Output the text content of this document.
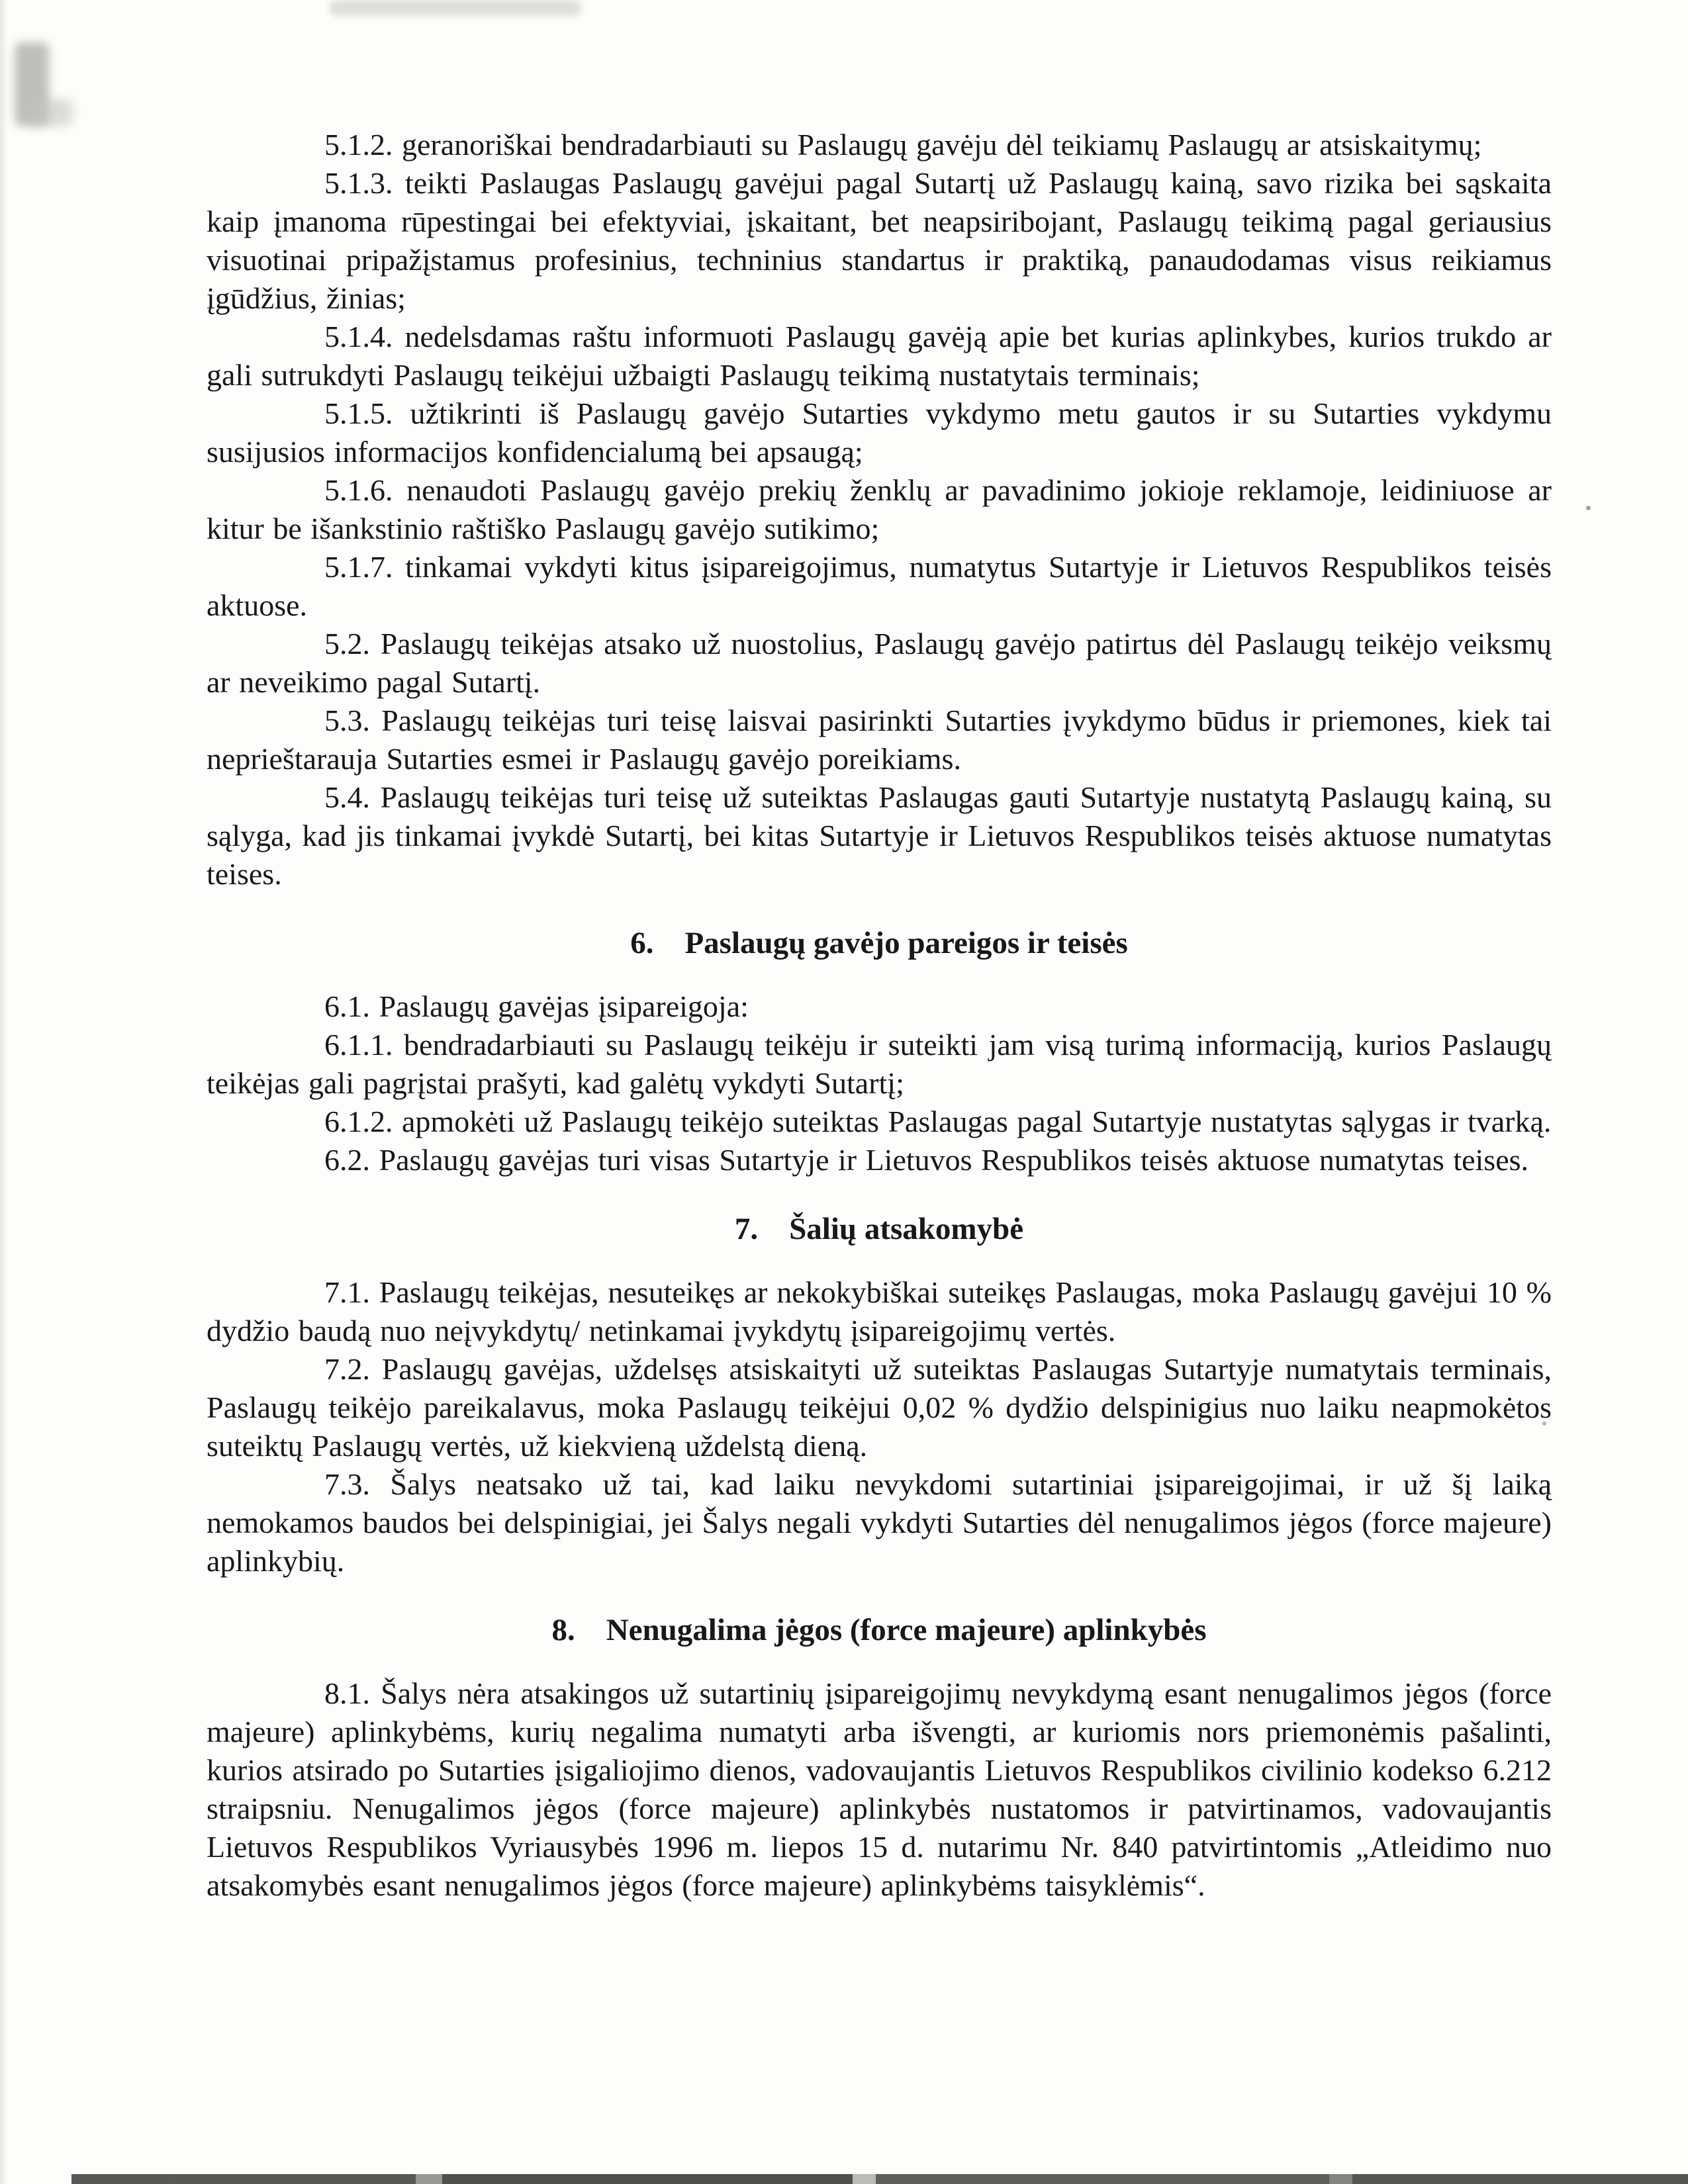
5.1.2. geranoriškai bendradarbiauti su Paslaugų gavėju dėl teikiamų Paslaugų ar atsiskaitymų;

5.1.3. teikti Paslaugas Paslaugų gavėjui pagal Sutartį už Paslaugų kainą, savo rizika bei sąskaita kaip įmanoma rūpestingai bei efektyviai, įskaitant, bet neapsiribojant, Paslaugų teikimą pagal geriausius visuotinai pripažįstamus profesinius, techninius standartus ir praktiką, panaudodamas visus reikiamus įgūdžius, žinias;

5.1.4. nedelsdamas raštu informuoti Paslaugų gavėją apie bet kurias aplinkybes, kurios trukdo ar gali sutrukdyti Paslaugų teikėjui užbaigti Paslaugų teikimą nustatytais terminais;

5.1.5. užtikrinti iš Paslaugų gavėjo Sutarties vykdymo metu gautos ir su Sutarties vykdymu susijusios informacijos konfidencialumą bei apsaugą;

5.1.6. nenaudoti Paslaugų gavėjo prekių ženklų ar pavadinimo jokioje reklamoje, leidiniuose ar kitur be išankstinio raštiško Paslaugų gavėjo sutikimo;

5.1.7. tinkamai vykdyti kitus įsipareigojimus, numatytus Sutartyje ir Lietuvos Respublikos teisės aktuose.

5.2. Paslaugų teikėjas atsako už nuostolius, Paslaugų gavėjo patirtus dėl Paslaugų teikėjo veiksmų ar neveikimo pagal Sutartį.

5.3. Paslaugų teikėjas turi teisę laisvai pasirinkti Sutarties įvykdymo būdus ir priemones, kiek tai neprieštarauja Sutarties esmei ir Paslaugų gavėjo poreikiams.

5.4. Paslaugų teikėjas turi teisę už suteiktas Paslaugas gauti Sutartyje nustatytą Paslaugų kainą, su sąlyga, kad jis tinkamai įvykdė Sutartį, bei kitas Sutartyje ir Lietuvos Respublikos teisės aktuose numatytas teises.

6. Paslaugų gavėjo pareigos ir teisės

6.1. Paslaugų gavėjas įsipareigoja:

6.1.1. bendradarbiauti su Paslaugų teikėju ir suteikti jam visą turimą informaciją, kurios Paslaugų teikėjas gali pagrįstai prašyti, kad galėtų vykdyti Sutartį;

6.1.2. apmokėti už Paslaugų teikėjo suteiktas Paslaugas pagal Sutartyje nustatytas sąlygas ir tvarką.

6.2. Paslaugų gavėjas turi visas Sutartyje ir Lietuvos Respublikos teisės aktuose numatytas teises.

7. Šalių atsakomybė

7.1. Paslaugų teikėjas, nesuteikęs ar nekokybiškai suteikęs Paslaugas, moka Paslaugų gavėjui 10 % dydžio baudą nuo neįvykdytų/ netinkamai įvykdytų įsipareigojimų vertės.

7.2. Paslaugų gavėjas, uždelsęs atsiskaityti už suteiktas Paslaugas Sutartyje numatytais terminais, Paslaugų teikėjo pareikalavus, moka Paslaugų teikėjui 0,02 % dydžio delspinigius nuo laiku neapmokėtos suteiktų Paslaugų vertės, už kiekvieną uždelstą dieną.

7.3. Šalys neatsako už tai, kad laiku nevykdomi sutartiniai įsipareigojimai, ir už šį laiką nemokamos baudos bei delspinigiai, jei Šalys negali vykdyti Sutarties dėl nenugalimos jėgos (force majeure) aplinkybių.

8. Nenugalima jėgos (force majeure) aplinkybės

8.1. Šalys nėra atsakingos už sutartinių įsipareigojimų nevykdymą esant nenugalimos jėgos (force majeure) aplinkybėms, kurių negalima numatyti arba išvengti, ar kuriomis nors priemonėmis pašalinti, kurios atsirado po Sutarties įsigaliojimo dienos, vadovaujantis Lietuvos Respublikos civilinio kodekso 6.212 straipsniu. Nenugalimos jėgos (force majeure) aplinkybės nustatomos ir patvirtinamos, vadovaujantis Lietuvos Respublikos Vyriausybės 1996 m. liepos 15 d. nutarimu Nr. 840 patvirtintomis „Atleidimo nuo atsakomybės esant nenugalimos jėgos (force majeure) aplinkybėms taisyklėmis“.
